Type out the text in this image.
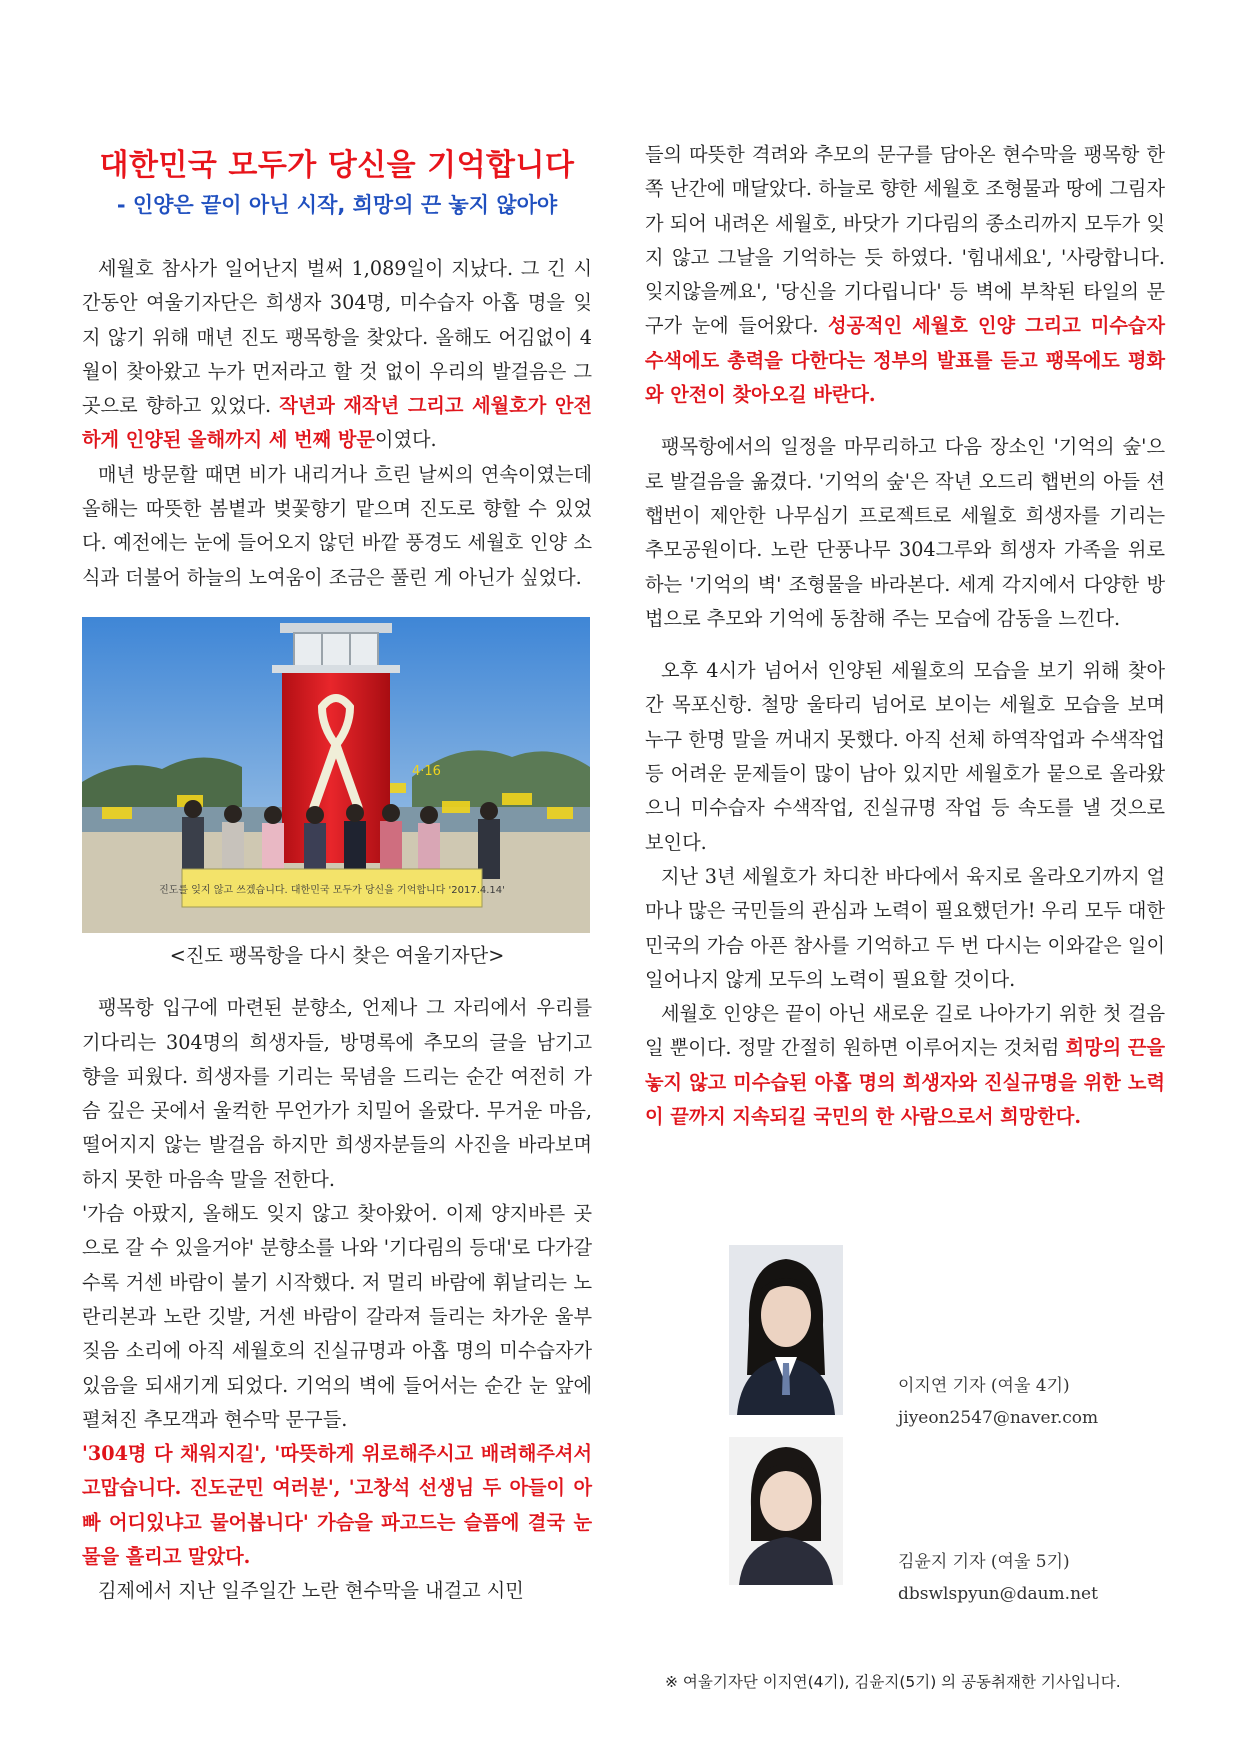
대한민국 모두가 당신을 기억합니다
- 인양은 끝이 아닌 시작, 희망의 끈 놓지 않아야

세월호 참사가 일어난지 벌써 1,089일이 지났다. 그 긴 시간동안 여울기자단은 희생자 304명, 미수습자 아홉 명을 잊지 않기 위해 매년 진도 팽목항을 찾았다. 올해도 어김없이 4월이 찾아왔고 누가 먼저라고 할 것 없이 우리의 발걸음은 그곳으로 향하고 있었다. 작년과 재작년 그리고 세월호가 안전하게 인양된 올해까지 세 번째 방문이였다.

매년 방문할 때면 비가 내리거나 흐린 날씨의 연속이였는데 올해는 따뜻한 봄볕과 벚꽃향기 맡으며 진도로 향할 수 있었다. 예전에는 눈에 들어오지 않던 바깥 풍경도 세월호 인양 소식과 더불어 하늘의 노여움이 조금은 풀린 게 아닌가 싶었다.

진도를 잊지 않고 쓰겠습니다. 대한민국 모두가 당신을 기억합니다 '2017.4.14'
4·16
<진도 팽목항을 다시 찾은 여울기자단>

팽목항 입구에 마련된 분향소, 언제나 그 자리에서 우리를 기다리는 304명의 희생자들, 방명록에 추모의 글을 남기고 향을 피웠다. 희생자를 기리는 묵념을 드리는 순간 여전히 가슴 깊은 곳에서 울컥한 무언가가 치밀어 올랐다. 무거운 마음, 떨어지지 않는 발걸음 하지만 희생자분들의 사진을 바라보며 하지 못한 마음속 말을 전한다.

'가슴 아팠지, 올해도 잊지 않고 찾아왔어. 이제 양지바른 곳으로 갈 수 있을거야' 분향소를 나와 '기다림의 등대'로 다가갈수록 거센 바람이 불기 시작했다. 저 멀리 바람에 휘날리는 노란리본과 노란 깃발, 거센 바람이 갈라져 들리는 차가운 울부짖음 소리에 아직 세월호의 진실규명과 아홉 명의 미수습자가 있음을 되새기게 되었다. 기억의 벽에 들어서는 순간 눈 앞에 펼쳐진 추모객과 현수막 문구들.

'304명 다 채워지길', '따뜻하게 위로해주시고 배려해주셔서 고맙습니다. 진도군민 여러분', '고창석 선생님 두 아들이 아빠 어디있냐고 물어봅니다' 가슴을 파고드는 슬픔에 결국 눈물을 흘리고 말았다.

김제에서 지난 일주일간 노란 현수막을 내걸고 시민

들의 따뜻한 격려와 추모의 문구를 담아온 현수막을 팽목항 한쪽 난간에 매달았다. 하늘로 향한 세월호 조형물과 땅에 그림자가 되어 내려온 세월호, 바닷가 기다림의 종소리까지 모두가 잊지 않고 그날을 기억하는 듯 하였다. '힘내세요', '사랑합니다. 잊지않을께요', '당신을 기다립니다' 등 벽에 부착된 타일의 문구가 눈에 들어왔다. 성공적인 세월호 인양 그리고 미수습자 수색에도 총력을 다한다는 정부의 발표를 듣고 팽목에도 평화와 안전이 찾아오길 바란다.

팽목항에서의 일정을 마무리하고 다음 장소인 '기억의 숲'으로 발걸음을 옮겼다. '기억의 숲'은 작년 오드리 햅번의 아들 션 햅번이 제안한 나무심기 프로젝트로 세월호 희생자를 기리는 추모공원이다. 노란 단풍나무 304그루와 희생자 가족을 위로하는 '기억의 벽' 조형물을 바라본다. 세계 각지에서 다양한 방법으로 추모와 기억에 동참해 주는 모습에 감동을 느낀다.

오후 4시가 넘어서 인양된 세월호의 모습을 보기 위해 찾아간 목포신항. 철망 울타리 넘어로 보이는 세월호 모습을 보며 누구 한명 말을 꺼내지 못했다. 아직 선체 하역작업과 수색작업 등 어려운 문제들이 많이 남아 있지만 세월호가 뭍으로 올라왔으니 미수습자 수색작업, 진실규명 작업 등 속도를 낼 것으로 보인다.

지난 3년 세월호가 차디찬 바다에서 육지로 올라오기까지 얼마나 많은 국민들의 관심과 노력이 필요했던가! 우리 모두 대한민국의 가슴 아픈 참사를 기억하고 두 번 다시는 이와같은 일이 일어나지 않게 모두의 노력이 필요할 것이다.

세월호 인양은 끝이 아닌 새로운 길로 나아가기 위한 첫 걸음일 뿐이다. 정말 간절히 원하면 이루어지는 것처럼 희망의 끈을 놓지 않고 미수습된 아홉 명의 희생자와 진실규명을 위한 노력이 끝까지 지속되길 국민의 한 사람으로서 희망한다.

이지연 기자 (여울 4기)
jiyeon2547@naver.com
김윤지 기자 (여울 5기)
dbswlspyun@daum.net
※ 여울기자단 이지연(4기), 김윤지(5기) 의 공동취재한 기사입니다.
